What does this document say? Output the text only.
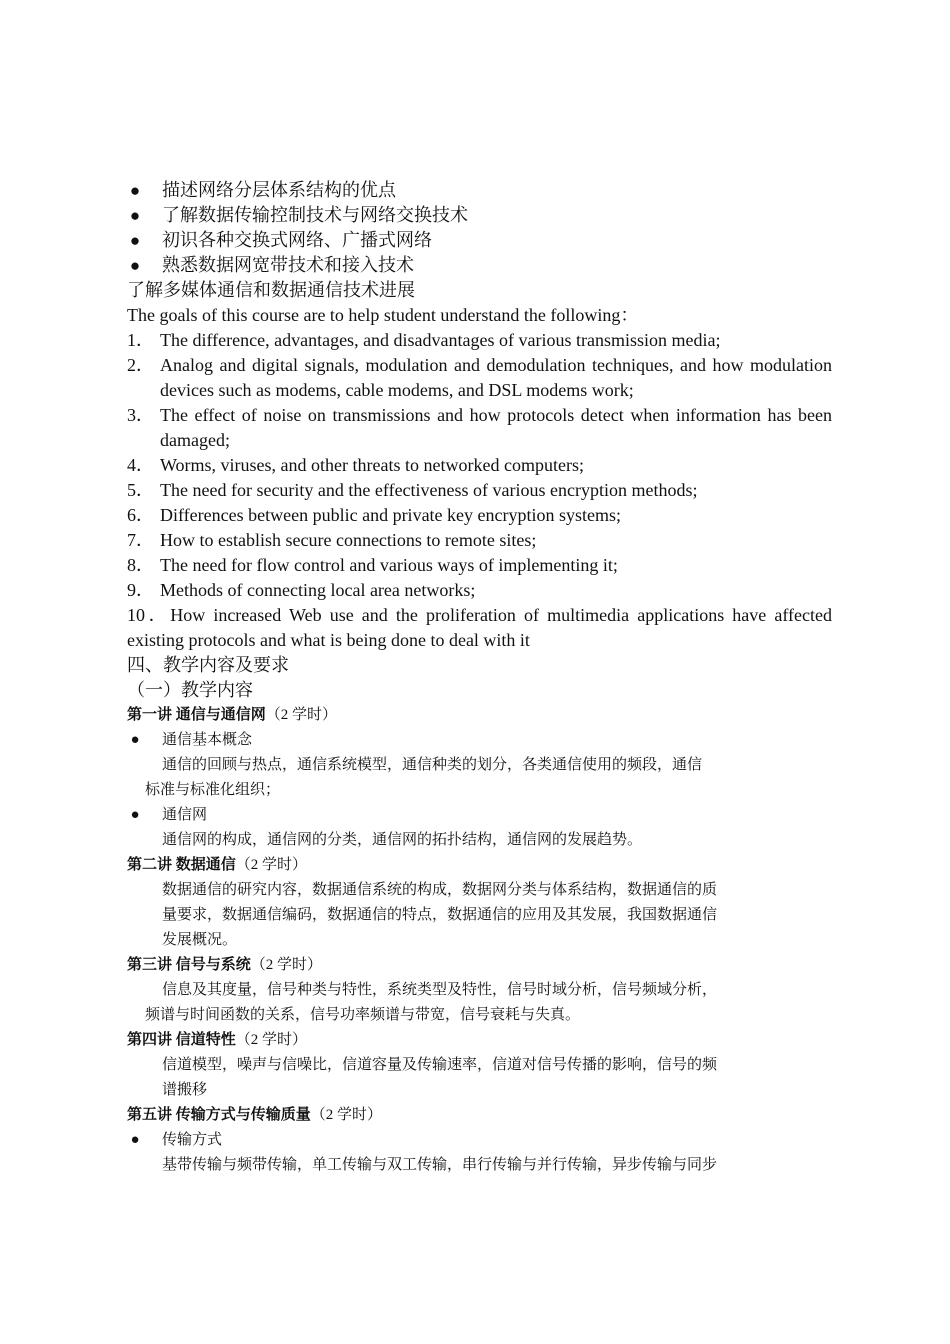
● 描述网络分层体系结构的优点
● 了解数据传输控制技术与网络交换技术
● 初识各种交换式网络、广播式网络
● 熟悉数据网宽带技术和接入技术
了解多媒体通信和数据通信技术进展
The goals of this course are to help student understand the following：
1． The difference, advantages, and disadvantages of various transmission media;
2． Analog and digital signals, modulation and demodulation techniques, and how modulation devices such as modems, cable modems, and DSL modems work;
3． The effect of noise on transmissions and how protocols detect when information has been damaged;
4． Worms, viruses, and other threats to networked computers;
5． The need for security and the effectiveness of various encryption methods;
6． Differences between public and private key encryption systems;
7． How to establish secure connections to remote sites;
8． The need for flow control and various ways of implementing it;
9． Methods of connecting local area networks;
10．How increased Web use and the proliferation of multimedia applications have affected existing protocols and what is being done to deal with it
四、教学内容及要求
（一）教学内容
第一讲 通信与通信网（2 学时）
● 通信基本概念
通信的回顾与热点，通信系统模型，通信种类的划分，各类通信使用的频段，通信
标准与标准化组织；
● 通信网
通信网的构成，通信网的分类，通信网的拓扑结构，通信网的发展趋势。
第二讲 数据通信（2 学时）
数据通信的研究内容，数据通信系统的构成，数据网分类与体系结构，数据通信的质
量要求，数据通信编码，数据通信的特点，数据通信的应用及其发展，我国数据通信
发展概况。
第三讲 信号与系统（2 学时）
信息及其度量，信号种类与特性，系统类型及特性，信号时域分析，信号频域分析，
频谱与时间函数的关系，信号功率频谱与带宽，信号衰耗与失真。
第四讲 信道特性（2 学时）
信道模型，噪声与信噪比，信道容量及传输速率，信道对信号传播的影响，信号的频
谱搬移
第五讲 传输方式与传输质量（2 学时）
● 传输方式
基带传输与频带传输，单工传输与双工传输，串行传输与并行传输，异步传输与同步
